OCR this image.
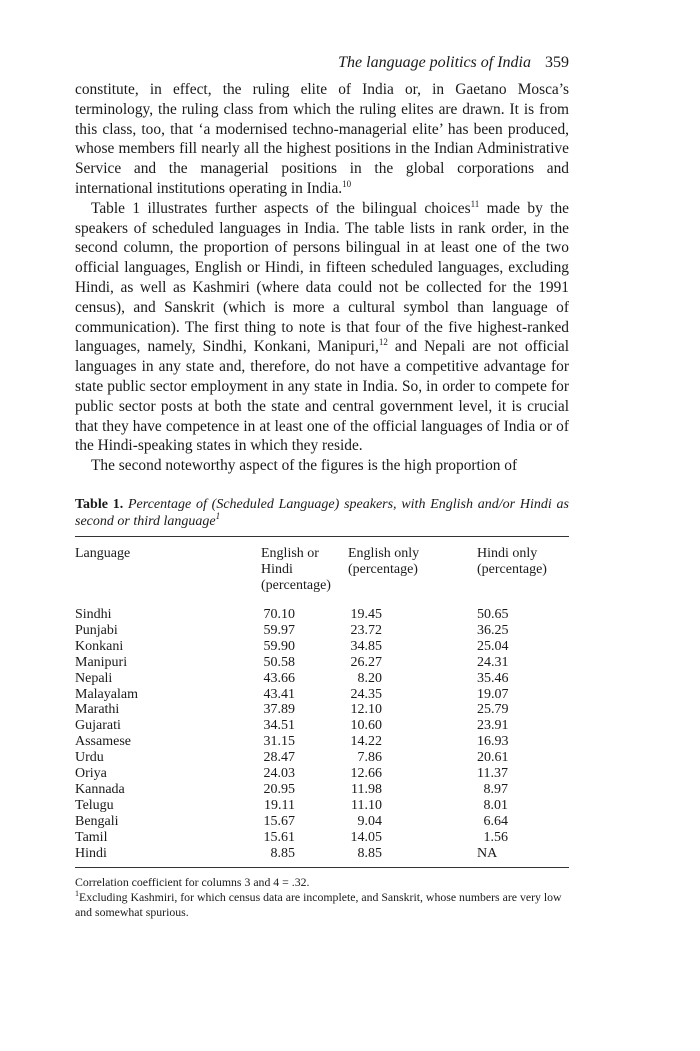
The language politics of India 359

constitute, in effect, the ruling elite of India or, in Gaetano Mosca’s terminology, the ruling class from which the ruling elites are drawn. It is from this class, too, that ‘a modernised techno-managerial elite’ has been produced, whose members fill nearly all the highest positions in the Indian Administrative Service and the managerial positions in the global corporations and international institutions operating in India.$^{10}$

Table 1 illustrates further aspects of the bilingual choices$^{11}$ made by the speakers of scheduled languages in India. The table lists in rank order, in the second column, the proportion of persons bilingual in at least one of the two official languages, English or Hindi, in fifteen scheduled languages, excluding Hindi, as well as Kashmiri (where data could not be collected for the 1991 census), and Sanskrit (which is more a cultural symbol than language of communication). The first thing to note is that four of the five highest-ranked languages, namely, Sindhi, Konkani, Manipuri,$^{12}$ and Nepali are not official languages in any state and, therefore, do not have a competitive advantage for state public sector employment in any state in India. So, in order to compete for public sector posts at both the state and central government level, it is crucial that they have competence in at least one of the official languages of India or of the Hindi-speaking states in which they reside.

The second noteworthy aspect of the figures is the high proportion of

Table 1. Percentage of (Scheduled Language) speakers, with English and/or Hindi as second or third language$^1$
Language	English or Hindi (percentage)	English only (percentage)	Hindi only (percentage)
Sindhi	70.10	19.45	50.65
Punjabi	59.97	23.72	36.25
Konkani	59.90	34.85	25.04
Manipuri	50.58	26.27	24.31
Nepali	43.66	8.20	35.46
Malayalam	43.41	24.35	19.07
Marathi	37.89	12.10	25.79
Gujarati	34.51	10.60	23.91
Assamese	31.15	14.22	16.93
Urdu	28.47	7.86	20.61
Oriya	24.03	12.66	11.37
Kannada	20.95	11.98	8.97
Telugu	19.11	11.10	8.01
Bengali	15.67	9.04	6.64
Tamil	15.61	14.05	1.56
Hindi	8.85	8.85	NA

Correlation coefficient for columns 3 and 4 = .32.

$^1$Excluding Kashmiri, for which census data are incomplete, and Sanskrit, whose numbers are very low and somewhat spurious.
